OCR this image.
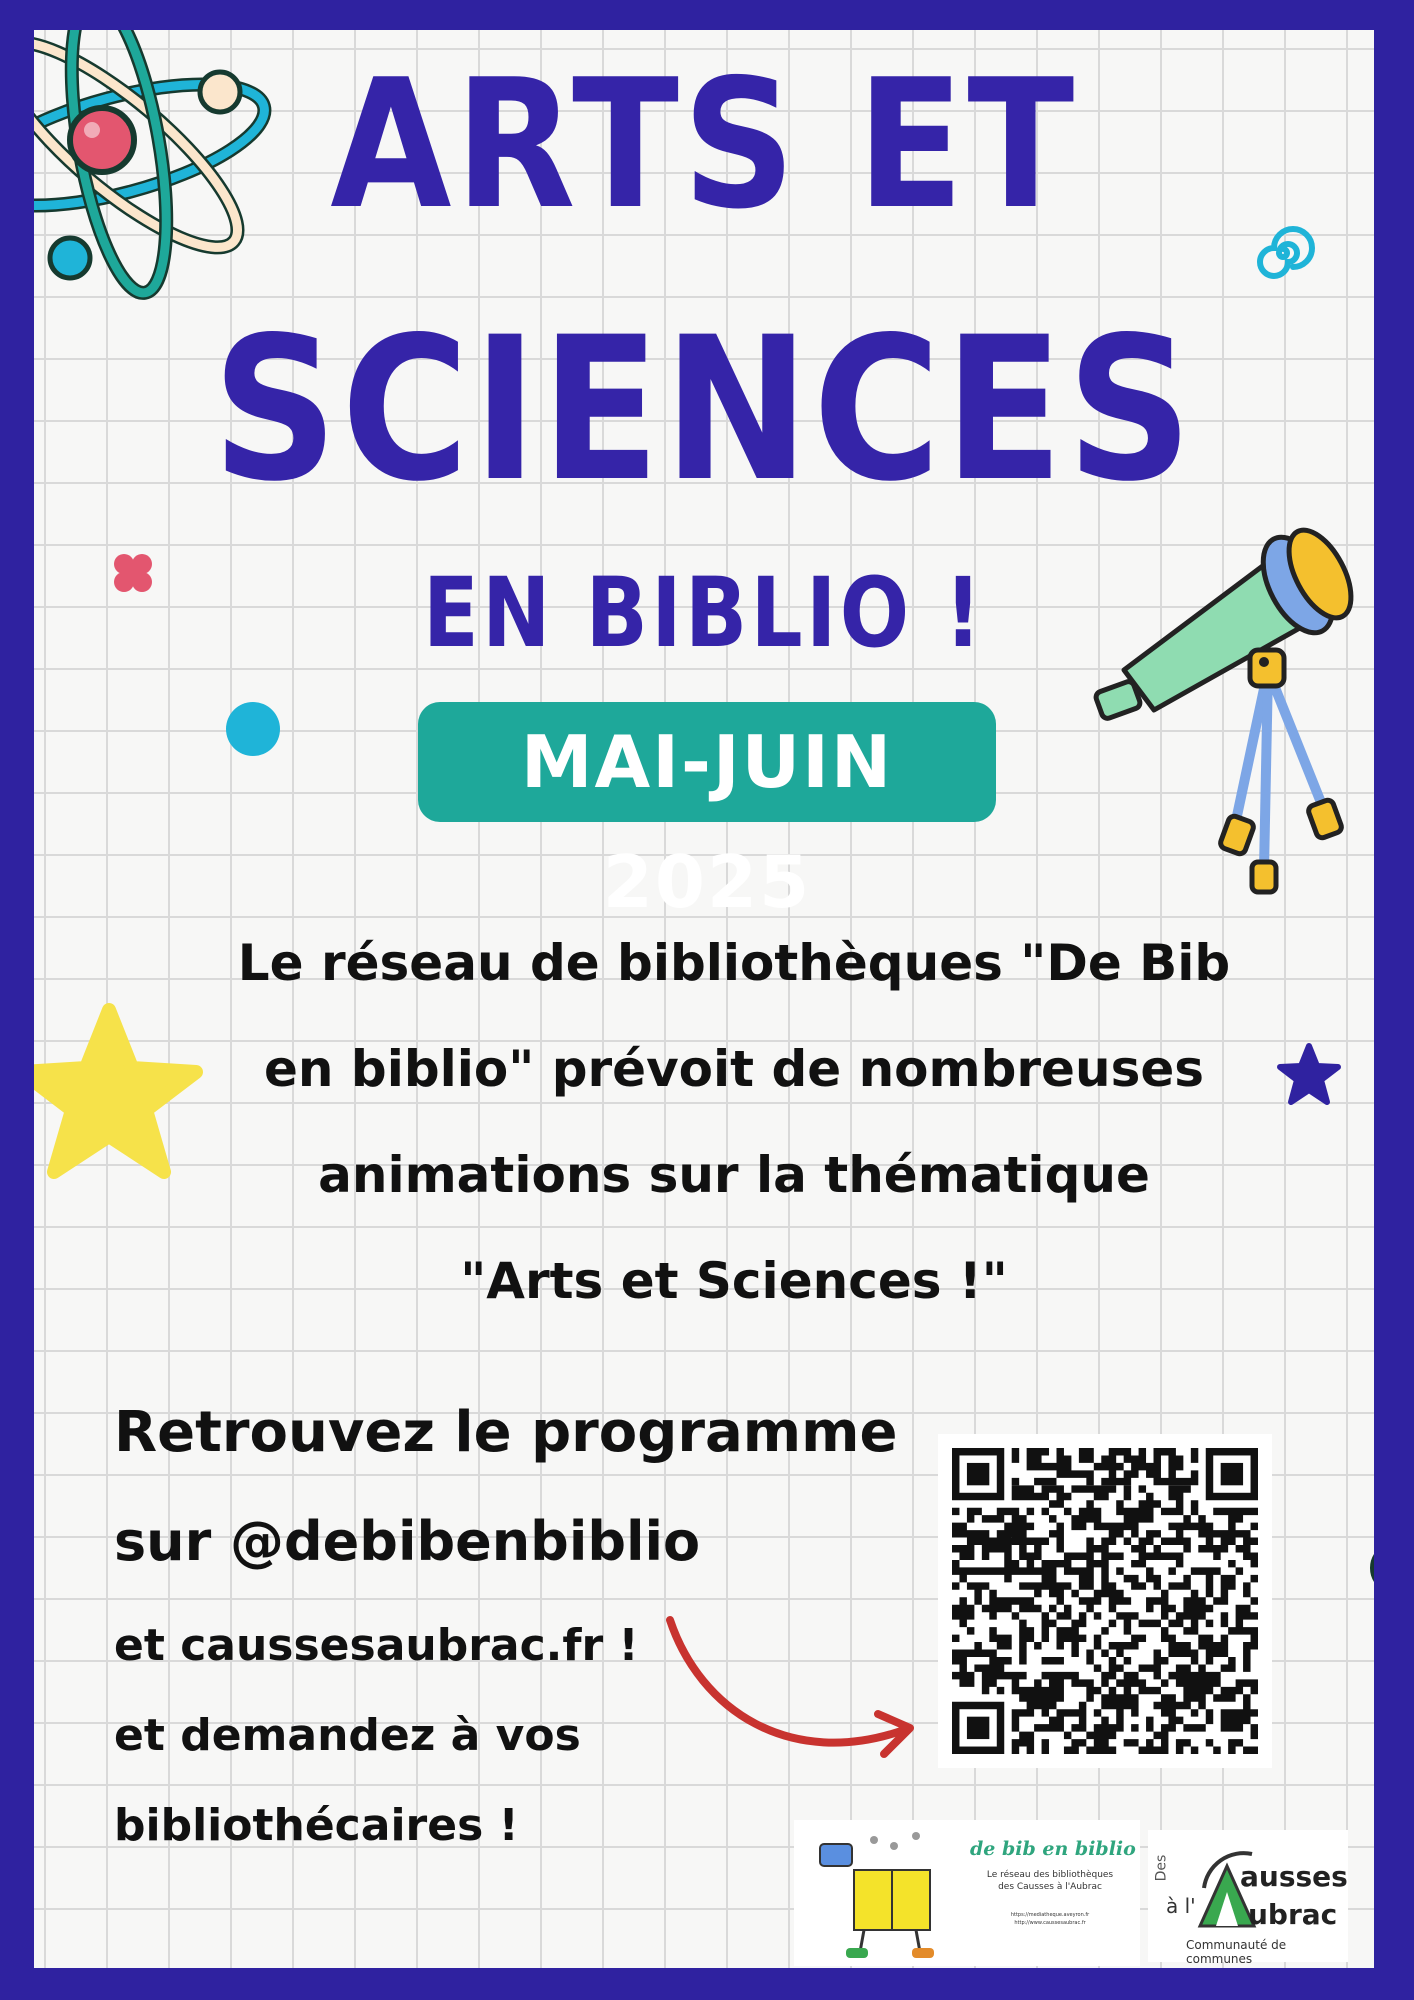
ARTS ET
SCIENCES
EN BIBLIO !
MAI-JUIN 2025
Le réseau de bibliothèques "De Bib
en biblio" prévoit de nombreuses
animations sur la thématique
"Arts et Sciences !"
Retrouvez le programme
sur @debibenbiblio
et caussesaubrac.fr !
et demandez à vos
bibliothécaires !	de bib en biblio
Le réseau des bibliothèques
des Causses à l'Aubrac
https://mediatheque.aveyron.fr
http://www.caussesaubrac.fr
Des
à l'
ausses
ubrac
Communauté de communes
